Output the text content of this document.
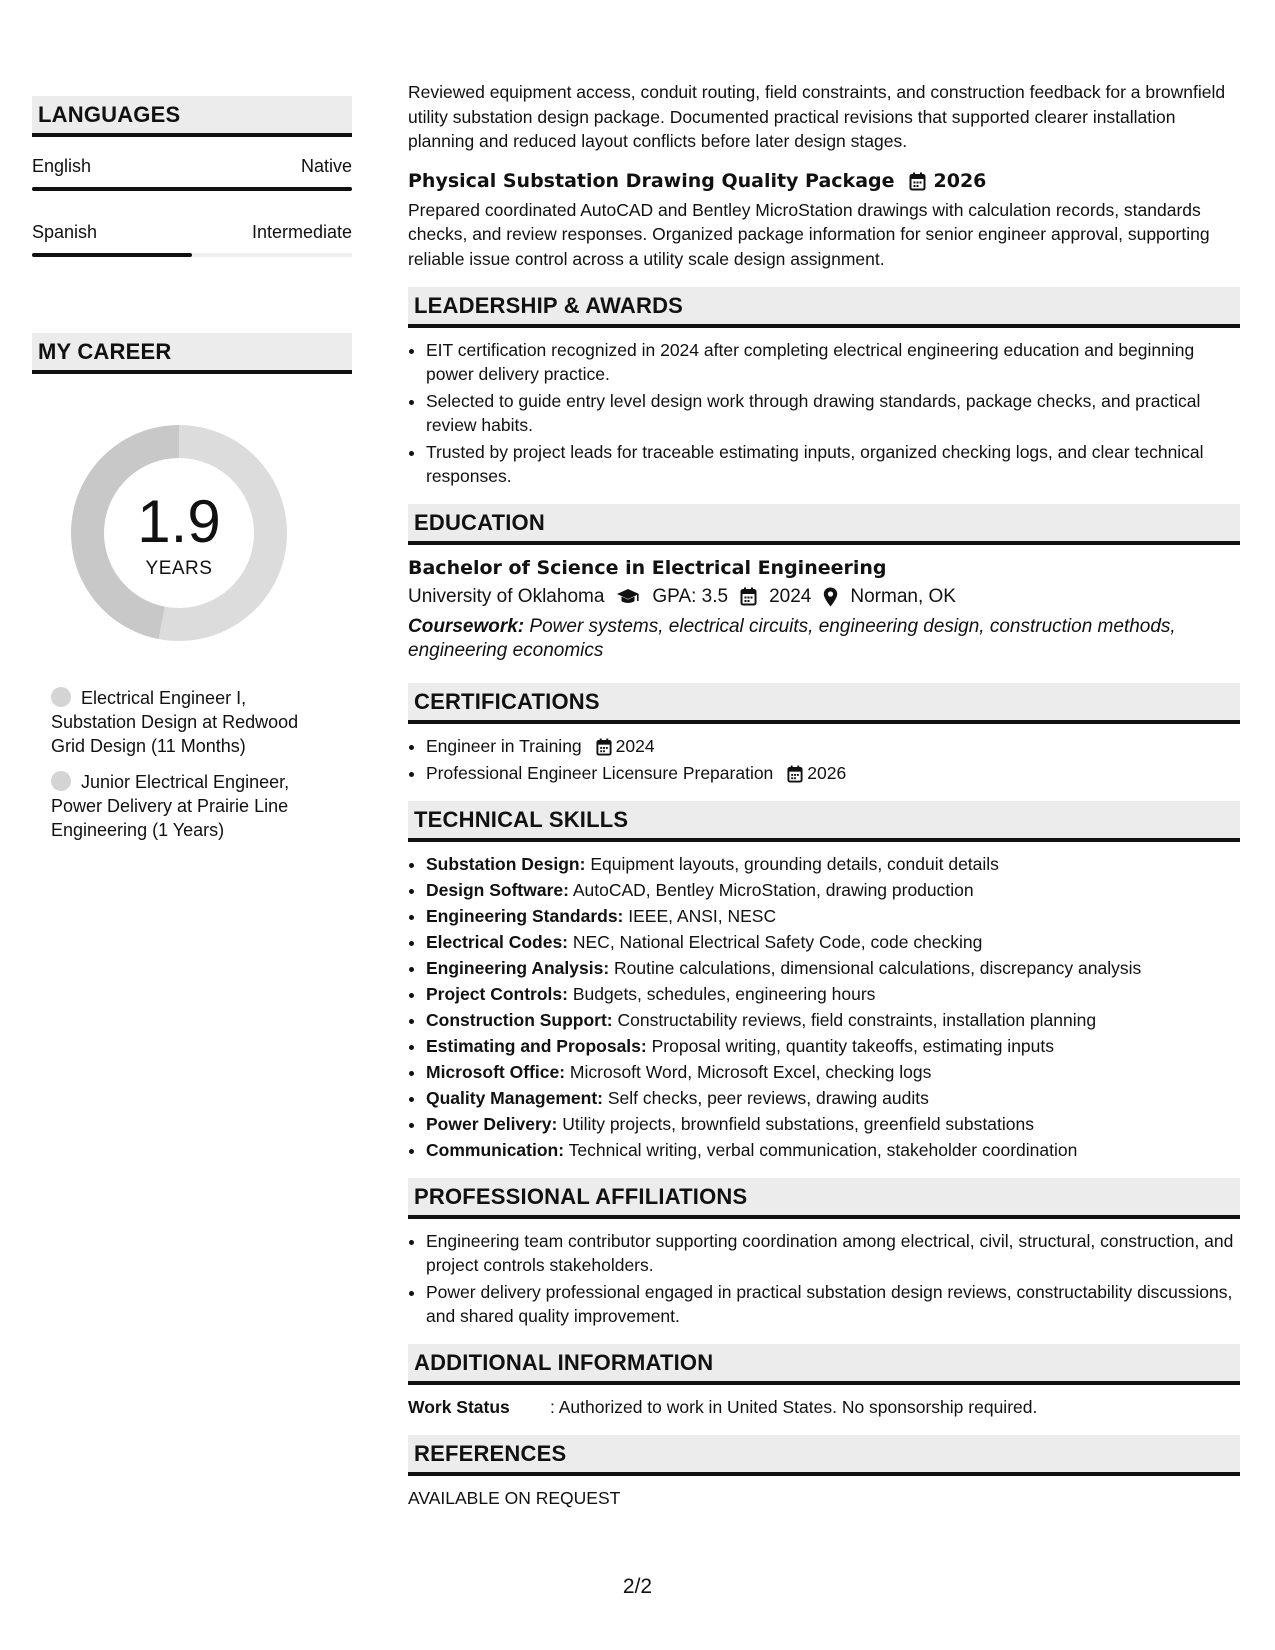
LANGUAGES
English	Native
Spanish	Intermediate
MY CAREER
1.9
YEARS
Electrical Engineer I, Substation Design at Redwood Grid Design (11 Months)
Junior Electrical Engineer, Power Delivery at Prairie Line Engineering (1 Years)

Reviewed equipment access, conduit routing, field constraints, and construction feedback for a brownfield utility substation design package. Documented practical revisions that supported clearer installation planning and reduced layout conflicts before later design stages.

Physical Substation Drawing Quality Package 2026

Prepared coordinated AutoCAD and Bentley MicroStation drawings with calculation records, standards checks, and review responses. Organized package information for senior engineer approval, supporting reliable issue control across a utility scale design assignment.

LEADERSHIP & AWARDS
• EIT certification recognized in 2024 after completing electrical engineering education and beginning power delivery practice.
• Selected to guide entry level design work through drawing standards, package checks, and practical review habits.
• Trusted by project leads for traceable estimating inputs, organized checking logs, and clear technical responses.
EDUCATION
Bachelor of Science in Electrical Engineering
University of Oklahoma	GPA: 3.5 2024 Norman, OK
Coursework: Power systems, electrical circuits, engineering design, construction methods, engineering economics
CERTIFICATIONS
• Engineer in Training 2024
• Professional Engineer Licensure Preparation 2026
TECHNICAL SKILLS
• Substation Design: Equipment layouts, grounding details, conduit details
• Design Software: AutoCAD, Bentley MicroStation, drawing production
• Engineering Standards: IEEE, ANSI, NESC
• Electrical Codes: NEC, National Electrical Safety Code, code checking
• Engineering Analysis: Routine calculations, dimensional calculations, discrepancy analysis
• Project Controls: Budgets, schedules, engineering hours
• Construction Support: Constructability reviews, field constraints, installation planning
• Estimating and Proposals: Proposal writing, quantity takeoffs, estimating inputs
• Microsoft Office: Microsoft Word, Microsoft Excel, checking logs
• Quality Management: Self checks, peer reviews, drawing audits
• Power Delivery: Utility projects, brownfield substations, greenfield substations
• Communication: Technical writing, verbal communication, stakeholder coordination
PROFESSIONAL AFFILIATIONS
• Engineering team contributor supporting coordination among electrical, civil, structural, construction, and project controls stakeholders.
• Power delivery professional engaged in practical substation design reviews, constructability discussions, and shared quality improvement.
ADDITIONAL INFORMATION
Work Status	: Authorized to work in United States. No sponsorship required.
REFERENCES
AVAILABLE ON REQUEST
2/2
